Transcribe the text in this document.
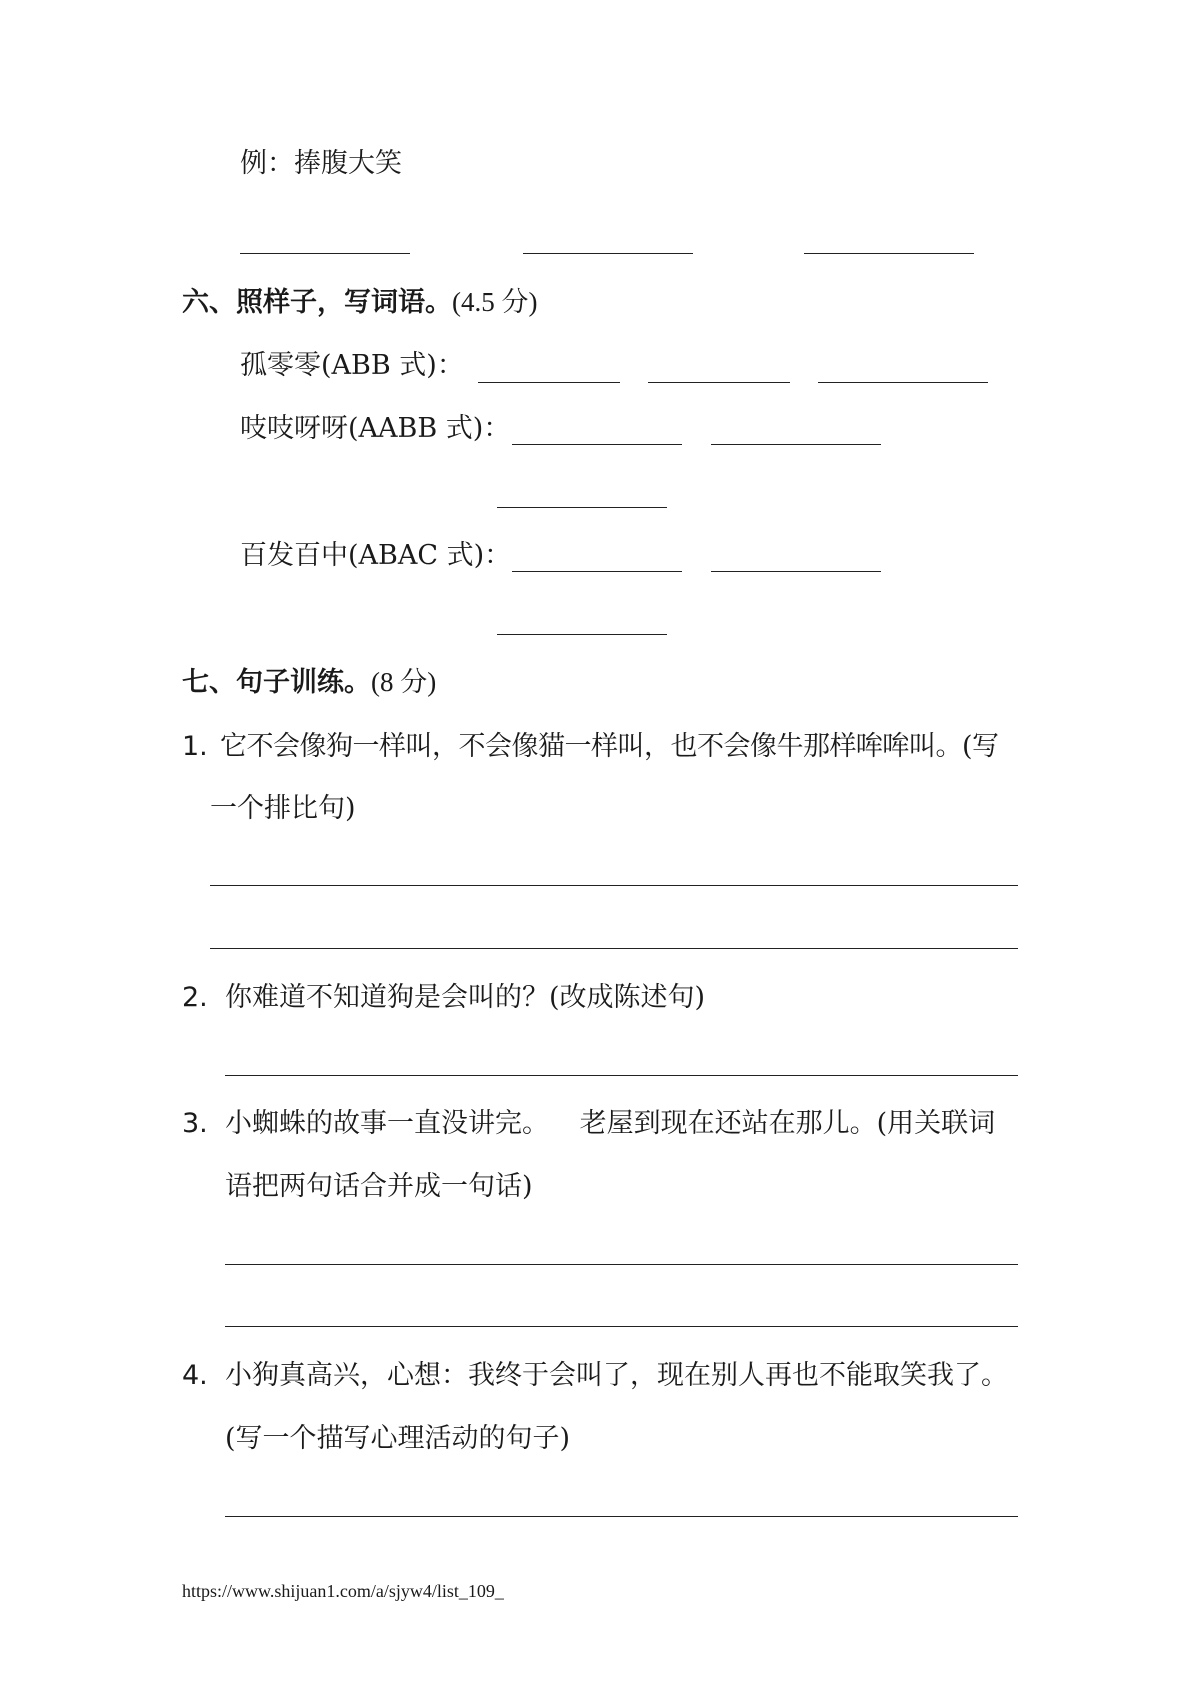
例：捧腹大笑
六、照样子，写词语。(4.5 分)
孤零零(ABB 式)：
吱吱呀呀(AABB 式)：
百发百中(ABAC 式)：
七、句子训练。(8 分)
1. 它不会像狗一样叫，不会像猫一样叫，也不会像牛那样哞哞叫。(写
一个排比句)
2. 你难道不知道狗是会叫的？(改成陈述句)
3. 小蜘蛛的故事一直没讲完。 老屋到现在还站在那儿。(用关联词
语把两句话合并成一句话)
4. 小狗真高兴，心想：我终于会叫了，现在别人再也不能取笑我了。
(写一个描写心理活动的句子)
https://www.shijuan1.com/a/sjyw4/list_109_
